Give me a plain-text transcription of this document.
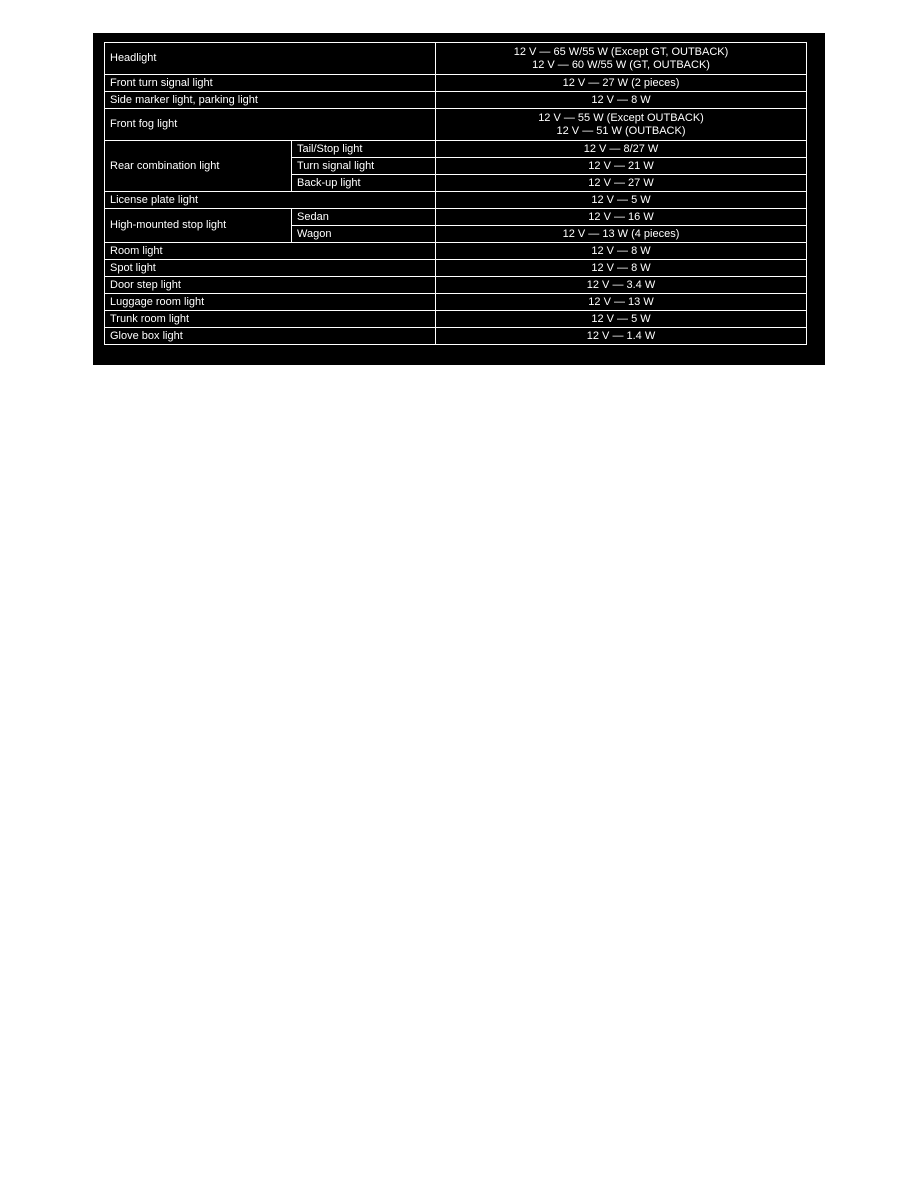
Headlight		12 V — 65 W/55 W (Except GT, OUTBACK)
12 V — 60 W/55 W (GT, OUTBACK)

Front turn signal light		12 V — 27 W (2 pieces)
Side marker light, parking light		12 V — 8 W
Front fog light		12 V — 55 W (Except OUTBACK)
12 V — 51 W (OUTBACK)

Rear combination light	Tail/Stop light	12 V — 8/27 W
	Turn signal light	12 V — 21 W
	Back-up light	12 V — 27 W
License plate light		12 V — 5 W
High-mounted stop light	Sedan	12 V — 16 W
	Wagon	12 V — 13 W (4 pieces)
Room light		12 V — 8 W
Spot light		12 V — 8 W
Door step light		12 V — 3.4 W
Luggage room light		12 V — 13 W
Trunk room light		12 V — 5 W
Glove box light		12 V — 1.4 W
